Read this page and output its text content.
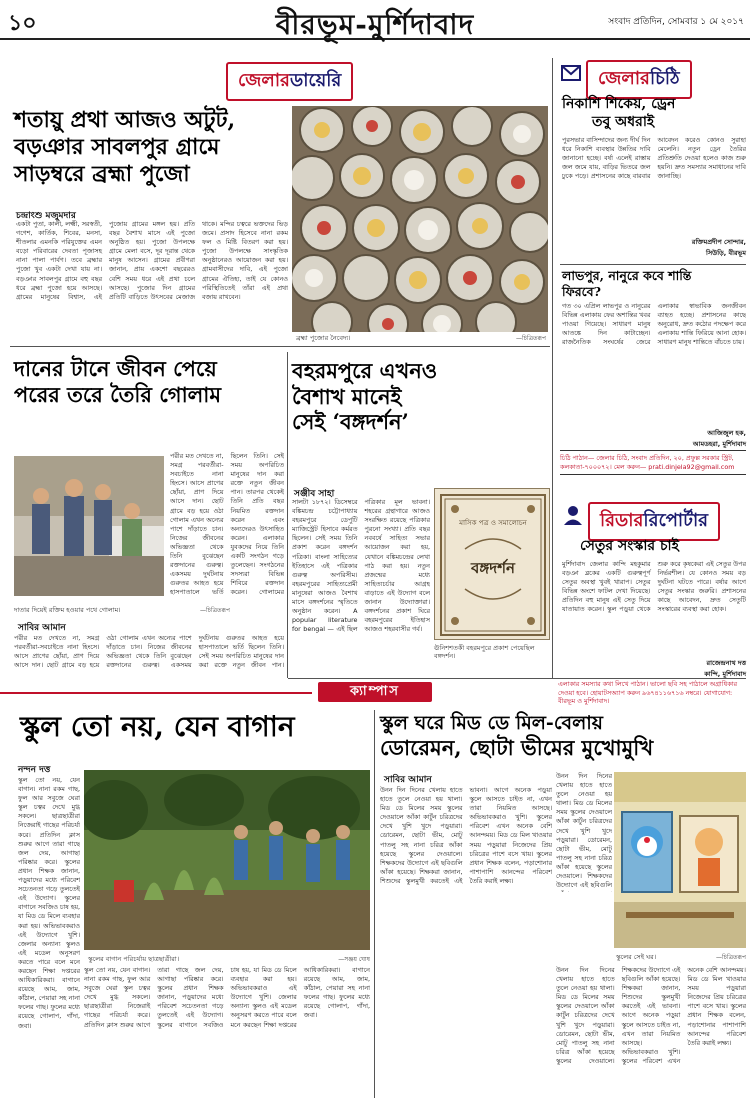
১০	বীরভূম-মুর্শিদাবাদ	সংবাদ প্রতিদিন, সোমবার ১ মে ২০১৭
জেলারডায়েরি
শতায়ু প্রথা আজও অটুট,
বড়ঞার সাবলপুর গ্রামে
সাড়ম্বরে ব্রহ্মা পুজো
চন্দ্রাংশু মজুমদার

একটা পুতা, কালী, লক্ষ্মী, সরস্বতী, গণেশ, কার্তিক, শিবের, মনসা, শীতলার এমনকি পরিযুক্তের এমন বড়ো পরিবারের দেবতা পূজাসহ নানা পালা পার্বণ। তবে ব্রহ্মার পুজো খুব একটা দেখা যায় না। বড়ঞার সাবলপুর গ্রামে বহু বছর ধরে ব্রহ্মা পুজো হয়ে আসছে। গ্রামের মানুষের বিশ্বাস, এই পুজোয় গ্রামের মঙ্গল হয়। প্রতি বছর বৈশাখ মাসে এই পুজো অনুষ্ঠিত হয়। পুজো উপলক্ষে গ্রামে মেলা বসে, দূর দূরান্ত থেকে মানুষ আসেন। গ্রামের প্রবীণরা জানান, প্রায় একশো বছরেরও বেশি সময় ধরে এই প্রথা চলে আসছে। পুজোর দিন গ্রামের প্রতিটি বাড়িতে উৎসবের মেজাজ থাকে। মন্দির চত্বরে ভক্তদের ভিড় জমে। প্রসাদ হিসেবে নানা রকম ফল ও মিষ্টি বিতরণ করা হয়। পুজো উপলক্ষে সাংস্কৃতিক অনুষ্ঠানেরও আয়োজন করা হয়। গ্রামবাসীদের দাবি, এই পুজো গ্রামের ঐতিহ্য, তাই যে কোনও পরিস্থিতিতেই তাঁরা এই প্রথা বজায় রাখবেন।

ব্রহ্মা পুজোর নৈবেদ্য।	—চিত্রিতরূপ
দানের টানে জীবন পেয়ে
পরের তরে তৈরি গোলাম
দাতার দিয়েই রক্তিম হওয়ার পথে গোলাম।	—চিত্রিতরূপ
সাবির আমান

পরীর মত দেখতে না, সমগ্র পরবর্তীরা-সবচাইতে নানা হিংসে। আসে প্রাণের ছোঁয়া, প্রাণ দিয়ে আসে দান। ছোট গ্রামে বড় হয়ে ওঠা গোলাম এখন অন্যের পাশে দাঁড়াতে চান। নিজের জীবনের অভিজ্ঞতা থেকে তিনি বুঝেছেন রক্তদানের গুরুত্ব। একসময় দুর্ঘটনায় গুরুতর আহত হয়ে হাসপাতালে ভর্তি ছিলেন তিনি। সেই সময় অপরিচিত মানুষের দান করা রক্তে নতুন জীবন পান।

পরীর মত দেখতে না, সমগ্র পরবর্তীরা-সবচাইতে নানা হিংসে। আসে প্রাণের ছোঁয়া, প্রাণ দিয়ে আসে দান। ছোট গ্রামে বড় হয়ে ওঠা গোলাম এখন অন্যের পাশে দাঁড়াতে চান। নিজের জীবনের অভিজ্ঞতা থেকে তিনি বুঝেছেন রক্তদানের গুরুত্ব। একসময় দুর্ঘটনায় গুরুতর আহত হয়ে হাসপাতালে ভর্তি ছিলেন তিনি। সেই সময় অপরিচিত মানুষের দান করা রক্তে নতুন জীবন পান। তারপর থেকেই তিনি প্রতি বছর নিয়মিত রক্তদান করেন এবং অন্যদেরও উৎসাহিত করেন। এলাকার যুবকদের নিয়ে তিনি একটি সংগঠন গড়ে তুলেছেন। সংগঠনের সদস্যরা বিভিন্ন শিবিরে রক্তদান করেন। গোলামের

বহরমপুরে এখনও
বৈশাখ মানেই
সেই ‘বঙ্গদর্শন’
সঞ্জীব সাহা

সালটা ১৮৭২। ডিসেম্বরে বঙ্কিমচন্দ্র চট্টোপাধ্যায় বহরমপুরে ডেপুটি ম্যাজিস্ট্রেট হিসাবে কর্মরত ছিলেন। সেই সময় তিনি প্রকাশ করেন বঙ্গদর্শন পত্রিকা। বাংলা সাহিত্যের ইতিহাসে এই পত্রিকার গুরুত্ব অপরিসীম। বহরমপুরের সাহিত্যপ্রেমী মানুষেরা আজও বৈশাখ মাসে বঙ্গদর্শনের স্মৃতিতে অনুষ্ঠান করেন। A popular literature for bengal — এই ছিল পত্রিকার মূল ভাবনা। শহরের গ্রন্থাগারে আজও সংরক্ষিত রয়েছে পত্রিকার পুরনো সংখ্যা। প্রতি বছর নববর্ষে সাহিত্য সভার আয়োজন করা হয়, যেখানে বঙ্কিমচন্দ্রের লেখা পাঠ করা হয়। নতুন প্রজন্মের মধ্যে সাহিত্যচর্চার আগ্রহ বাড়াতে এই উদ্যোগ বলে জানান উদ্যোক্তারা। বঙ্গদর্শনের প্রকাশ ঘিরে বহরমপুরের ইতিহাস আজও শহরবাসীর গর্ব।

মাসিক পত্র ও সমালোচন
বঙ্গদর্শন
ঊনিশশতকী বহরমপুরে প্রকাশ পেয়েছিল বঙ্গদর্শন।
জেলারচিঠি
নিকাশি শিকেয়, ড্রেন
তবু অধরাই

পুরসভার বাসিন্দাদের জন্য দীর্ঘ দিন ধরে নিকাশি ব্যবস্থার উন্নতির দাবি জানানো হচ্ছে। বর্ষা এলেই রাস্তায় জল জমে যায়, বাড়ির ভিতরে জল ঢুকে পড়ে। প্রশাসনের কাছে বারবার আবেদন করেও কোনও সুরাহা মেলেনি। নতুন ড্রেন তৈরির প্রতিশ্রুতি দেওয়া হলেও কাজ শুরু হয়নি। দ্রুত সমস্যার সমাধানের দাবি জানাচ্ছি।

রক্তিমপ্রদীপ সোন্দার,
সিউড়ি, বীরভূম
লাভপুর, নানুরে কবে শান্তি
ফিরবে?

গত ৩০ এপ্রিল লাভপুর ও নানুরের বিভিন্ন এলাকায় ফের অশান্তির খবর পাওয়া গিয়েছে। সাধারণ মানুষ আতঙ্কে দিন কাটাচ্ছেন। রাজনৈতিক সংঘর্ষের জেরে এলাকার স্বাভাবিক জনজীবন ব্যাহত হচ্ছে। প্রশাসনের কাছে অনুরোধ, দ্রুত কঠোর পদক্ষেপ করে এলাকায় শান্তি ফিরিয়ে আনা হোক। সাধারণ মানুষ শান্তিতে বাঁচতে চায়।

আজিজুল হক,
আমডহরা, মুর্শিদাবাদ
চিঠি পাঠান— জেলার চিঠি, সংবাদ প্রতিদিন, ২০, প্রফুল্ল সরকার স্ট্রিট, কলকাতা-৭০০০৭২। মেল করুন— prati.dinjela92@gmail.com
রিডাররিপোর্টার
সেতুর সংস্কার চাই

মুর্শিদাবাদ জেলার কান্দি মহকুমার বড়ঞা ব্লকের একটি গুরুত্বপূর্ণ সেতুর অবস্থা খুবই খারাপ। সেতুর বিভিন্ন অংশে ফাটল দেখা দিয়েছে। প্রতিদিন বহু মানুষ এই সেতু দিয়ে যাতায়াত করেন। স্কুল পড়ুয়া থেকে শুরু করে কৃষকেরা এই সেতুর উপর নির্ভরশীল। যে কোনও সময় বড় দুর্ঘটনা ঘটতে পারে। বর্ষার আগে সেতুর সংস্কার জরুরি। প্রশাসনের কাছে আবেদন, দ্রুত সেতুটি সংস্কারের ব্যবস্থা করা হোক।

রাজেন্দ্রনাথ দত্ত
কান্দি, মুর্শিদাবাদ
এলাকার সমস্যার কথা লিখে পাঠান। ভালো ছবি সহ পাঠালে অগ্রাধিকার দেওয়া হবে। হোয়াটসঅ্যাপ করুন ৯৬৭৪১১৬৭১৬ নম্বরে। যোগাযোগ: বীরভূম ও মুর্শিদাবাদ।
ক্যাম্পাস
স্কুল তো নয়, যেন বাগান
নন্দন দত্ত

স্কুল তো নয়, যেন বাগান। নানা রকম গাছ, ফুল আর সবুজে ঘেরা স্কুল চত্বর দেখে মুগ্ধ সকলে। ছাত্রছাত্রীরা নিজেরাই গাছের পরিচর্যা করে। প্রতিদিন ক্লাস শুরুর আগে তারা গাছে জল দেয়, আগাছা পরিষ্কার করে। স্কুলের প্রধান শিক্ষক জানান, পড়ুয়াদের মধ্যে পরিবেশ সচেতনতা গড়ে তুলতেই এই উদ্যোগ। স্কুলের বাগানে সবজিও চাষ হয়, যা মিড ডে মিলে ব্যবহার করা হয়। অভিভাবকরাও এই উদ্যোগে খুশি। জেলার অন্যান্য স্কুলও এই মডেল অনুসরণ করতে পারে বলে মনে করছেন শিক্ষা দপ্তরের আধিকারিকরা। বাগানে রয়েছে আম, জাম, কাঁঠাল, পেয়ারা সহ নানা ফলের গাছ। ফুলের মধ্যে রয়েছে গোলাপ, গাঁদা, জবা।

স্কুলের বাগান পরিচর্যায় ছাত্রছাত্রীরা।	—সঞ্জয় ঘোষ

স্কুল তো নয়, যেন বাগান। নানা রকম গাছ, ফুল আর সবুজে ঘেরা স্কুল চত্বর দেখে মুগ্ধ সকলে। ছাত্রছাত্রীরা নিজেরাই গাছের পরিচর্যা করে। প্রতিদিন ক্লাস শুরুর আগে তারা গাছে জল দেয়, আগাছা পরিষ্কার করে। স্কুলের প্রধান শিক্ষক জানান, পড়ুয়াদের মধ্যে পরিবেশ সচেতনতা গড়ে তুলতেই এই উদ্যোগ। স্কুলের বাগানে সবজিও চাষ হয়, যা মিড ডে মিলে ব্যবহার করা হয়। অভিভাবকরাও এই উদ্যোগে খুশি। জেলার অন্যান্য স্কুলও এই মডেল অনুসরণ করতে পারে বলে মনে করছেন শিক্ষা দপ্তরের আধিকারিকরা। বাগানে রয়েছে আম, জাম, কাঁঠাল, পেয়ারা সহ নানা ফলের গাছ। ফুলের মধ্যে রয়েছে গোলাপ, গাঁদা, জবা।

স্কুল ঘরে মিড ডে মিল-বেলায়
ডোরেমন, ছোটা ভীমের মুখোমুখি
সাবির আমান

উনন দিন দিনের খেলায় হাতে হাতে তুলে নেওয়া হয় থালা। মিড ডে মিলের সময় স্কুলের দেওয়ালে আঁকা কার্টুন চরিত্রদের দেখে খুশি খুদে পড়ুয়ারা। ডোরেমন, ছোটা ভীম, মোটু পাতলু সহ নানা চরিত্র আঁকা হয়েছে স্কুলের দেওয়ালে। শিক্ষকদের উদ্যোগে এই ছবিগুলি আঁকা হয়েছে। শিক্ষকরা জানান, শিশুদের স্কুলমুখী করতেই এই ভাবনা। আগে অনেক পড়ুয়া স্কুলে আসতে চাইত না, এখন তারা নিয়মিত আসছে। অভিভাবকরাও খুশি। স্কুলের পরিবেশ এখন অনেক বেশি আনন্দময়। মিড ডে মিল খাওয়ার সময় পড়ুয়ারা নিজেদের প্রিয় চরিত্রের পাশে বসে খায়। স্কুলের প্রধান শিক্ষক বলেন, পড়াশোনার পাশাপাশি আনন্দের পরিবেশ তৈরি করাই লক্ষ্য।

উনন দিন দিনের খেলায় হাতে হাতে তুলে নেওয়া হয় থালা। মিড ডে মিলের সময় স্কুলের দেওয়ালে আঁকা কার্টুন চরিত্রদের দেখে খুশি খুদে পড়ুয়ারা। ডোরেমন, ছোটা ভীম, মোটু পাতলু সহ নানা চরিত্র আঁকা হয়েছে স্কুলের দেওয়ালে। শিক্ষকদের উদ্যোগে এই ছবিগুলি

স্কুলের সেই ঘর।	—চিত্রিতরূপ

উনন দিন দিনের খেলায় হাতে হাতে তুলে নেওয়া হয় থালা। মিড ডে মিলের সময় স্কুলের দেওয়ালে আঁকা কার্টুন চরিত্রদের দেখে খুশি খুদে পড়ুয়ারা। ডোরেমন, ছোটা ভীম, মোটু পাতলু সহ নানা চরিত্র আঁকা হয়েছে স্কুলের দেওয়ালে। শিক্ষকদের উদ্যোগে এই ছবিগুলি আঁকা হয়েছে। শিক্ষকরা জানান, শিশুদের স্কুলমুখী করতেই এই ভাবনা। আগে অনেক পড়ুয়া স্কুলে আসতে চাইত না, এখন তারা নিয়মিত আসছে। অভিভাবকরাও খুশি। স্কুলের পরিবেশ এখন অনেক বেশি আনন্দময়। মিড ডে মিল খাওয়ার সময় পড়ুয়ারা নিজেদের প্রিয় চরিত্রের পাশে বসে খায়। স্কুলের প্রধান শিক্ষক বলেন, পড়াশোনার পাশাপাশি আনন্দের পরিবেশ তৈরি করাই লক্ষ্য।
